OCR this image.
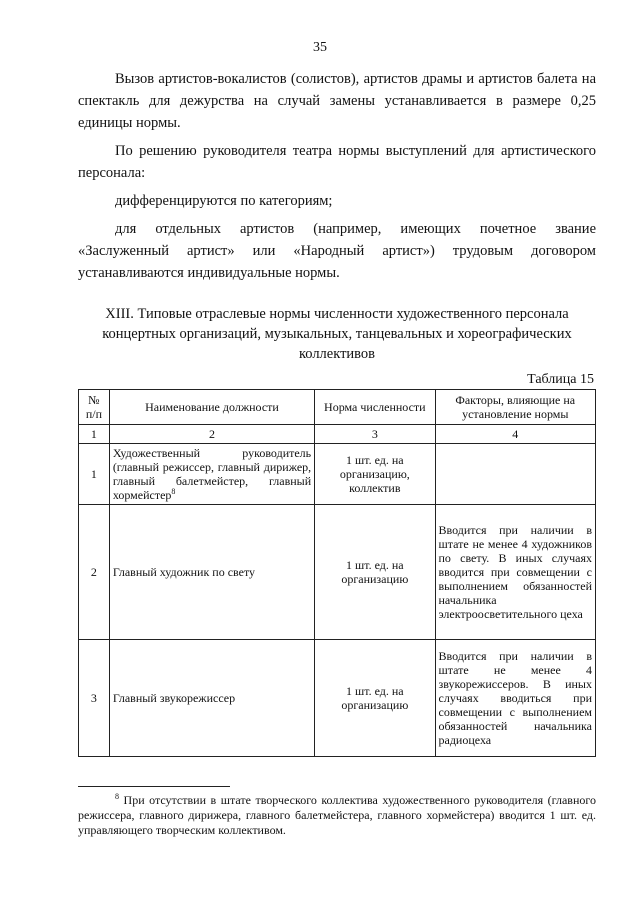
35

Вызов артистов-вокалистов (солистов), артистов драмы и артистов балета на спектакль для дежурства на случай замены устанавливается в размере 0,25 единицы нормы.

По решению руководителя театра нормы выступлений для артистического персонала:

дифференцируются по категориям;

для отдельных артистов (например, имеющих почетное звание «Заслуженный артист» или «Народный артист») трудовым договором устанавливаются индивидуальные нормы.

XIII. Типовые отраслевые нормы численности художественного персонала концертных организаций, музыкальных, танцевальных и хореографических коллективов
Таблица 15
№ п/п	Наименование должности	Норма численности	Факторы, влияющие на установление нормы
1	2	3	4
1	Художественный руководитель (главный режиссер, главный дирижер, главный балетмейстер, главный хормейстер$^8$	1 шт. ед. на организацию, коллектив	
2	Главный художник по свету	1 шт. ед. на организацию	Вводится при наличии в штате не менее 4 художников по свету. В иных случаях вводится при совмещении с выполнением обязанностей начальника электроосветительного цеха
3	Главный звукорежиссер	1 шт. ед. на организацию	Вводится при наличии в штате не менее 4 звукорежиссеров. В иных случаях вводиться при совмещении с выполнением обязанностей начальника радиоцеха
$^8$ При отсутствии в штате творческого коллектива художественного руководителя (главного режиссера, главного дирижера, главного балетмейстера, главного хормейстера) вводится 1 шт. ед. управляющего творческим коллективом.
